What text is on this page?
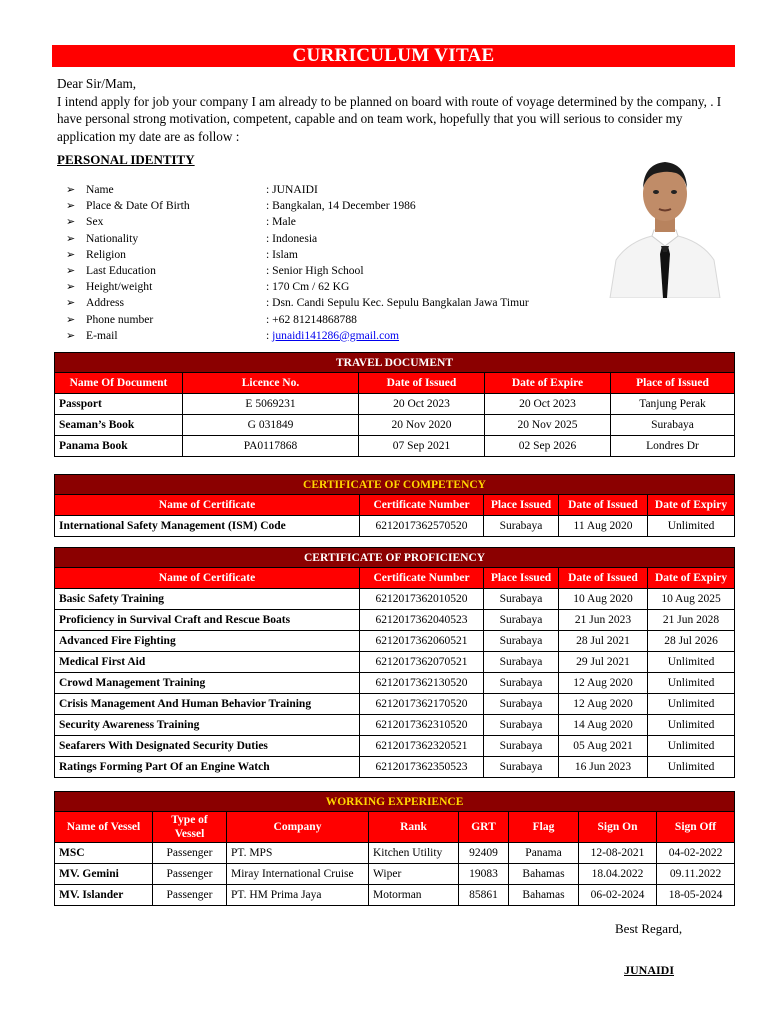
CURRICULUM VITAE

Dear Sir/Mam,

I intend apply for job your company I am already to be planned on board with route of voyage determined by the company, . I have personal strong motivation, competent, capable and on team work, hopefully that you will serious to consider my application my date are as follow :

PERSONAL IDENTITY
➢ Name	: JUNAIDI
➢ Place & Date Of Birth	: Bangkalan, 14 December 1986
➢ Sex	: Male
➢ Nationality	: Indonesia
➢ Religion	: Islam
➢ Last Education	: Senior High School
➢ Height/weight	: 170 Cm / 62 KG
➢ Address	: Dsn. Candi Sepulu Kec. Sepulu Bangkalan Jawa Timur
➢ Phone number	: +62 81214868788
➢ E-mail	: junaidi141286@gmail.com
TRAVEL DOCUMENT				
Name Of Document	Licence No.	Date of Issued	Date of Expire	Place of Issued
Passport	E 5069231	20 Oct 2023	20 Oct 2023	Tanjung Perak
Seaman’s Book	G 031849	20 Nov 2020	20 Nov 2025	Surabaya
Panama Book	PA0117868	07 Sep 2021	02 Sep 2026	Londres Dr
CERTIFICATE OF COMPETENCY				
Name of Certificate	Certificate Number	Place Issued	Date of Issued	Date of Expiry
International Safety Management (ISM) Code	6212017362570520	Surabaya	11 Aug 2020	Unlimited
CERTIFICATE OF PROFICIENCY				
Name of Certificate	Certificate Number	Place Issued	Date of Issued	Date of Expiry
Basic Safety Training	6212017362010520	Surabaya	10 Aug 2020	10 Aug 2025
Proficiency in Survival Craft and Rescue Boats	6212017362040523	Surabaya	21 Jun 2023	21 Jun 2028
Advanced Fire Fighting	6212017362060521	Surabaya	28 Jul 2021	28 Jul 2026
Medical First Aid	6212017362070521	Surabaya	29 Jul 2021	Unlimited
Crowd Management Training	6212017362130520	Surabaya	12 Aug 2020	Unlimited
Crisis Management And Human Behavior Training	6212017362170520	Surabaya	12 Aug 2020	Unlimited
Security Awareness Training	6212017362310520	Surabaya	14 Aug 2020	Unlimited
Seafarers With Designated Security Duties	6212017362320521	Surabaya	05 Aug 2021	Unlimited
Ratings Forming Part Of an Engine Watch	6212017362350523	Surabaya	16 Jun 2023	Unlimited
WORKING EXPERIENCE							
Name of Vessel	Type of Vessel	Company	Rank	GRT	Flag	Sign On	Sign Off
MSC	Passenger	PT. MPS	Kitchen Utility	92409	Panama	12-08-2021	04-02-2022
MV. Gemini	Passenger	Miray International Cruise	Wiper	19083	Bahamas	18.04.2022	09.11.2022
MV. Islander	Passenger	PT. HM Prima Jaya	Motorman	85861	Bahamas	06-02-2024	18-05-2024
Best Regard,
JUNAIDI
